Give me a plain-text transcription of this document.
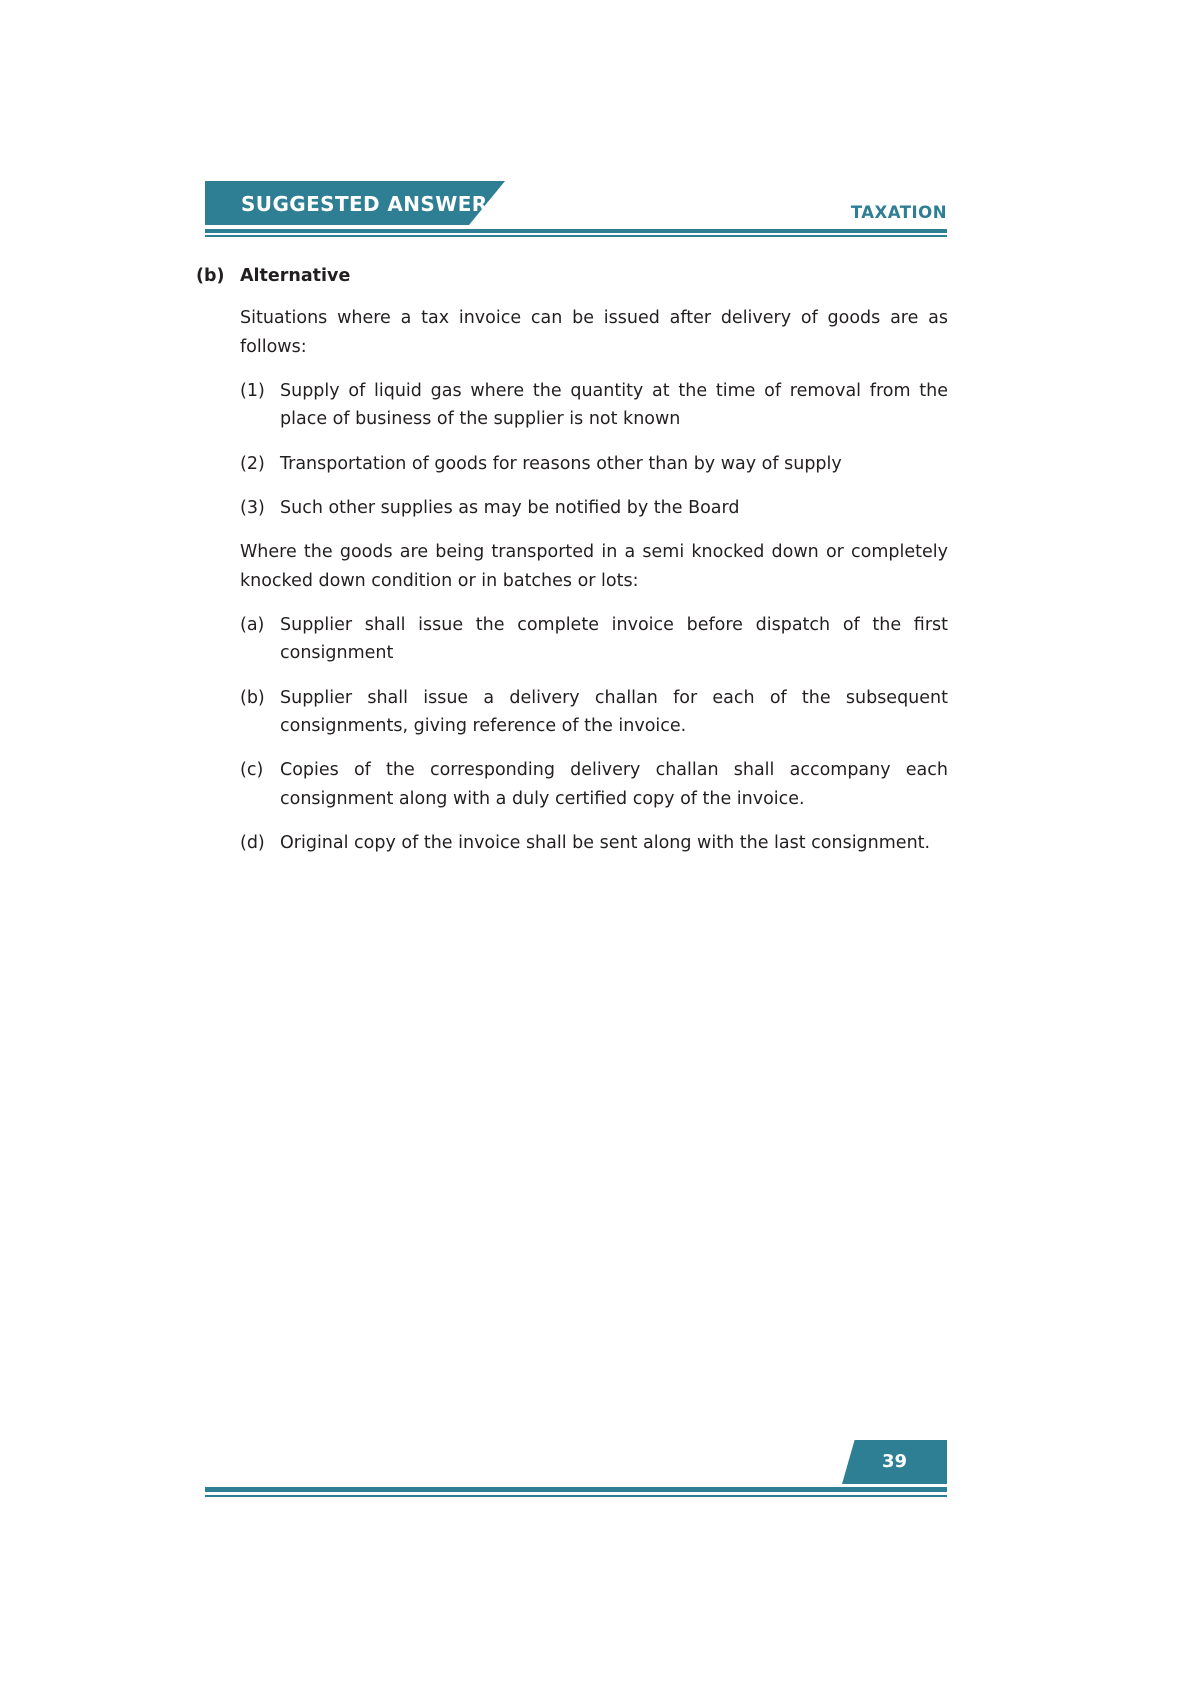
SUGGESTED ANSWER	TAXATION
(b) Alternative
Situations where a tax invoice can be issued after delivery of goods are as follows:
(1) Supply of liquid gas where the quantity at the time of removal from the place of business of the supplier is not known
(2) Transportation of goods for reasons other than by way of supply
(3) Such other supplies as may be notified by the Board
Where the goods are being transported in a semi knocked down or completely knocked down condition or in batches or lots:
(a) Supplier shall issue the complete invoice before dispatch of the first consignment
(b) Supplier shall issue a delivery challan for each of the subsequent consignments, giving reference of the invoice.
(c) Copies of the corresponding delivery challan shall accompany each consignment along with a duly certified copy of the invoice.
(d) Original copy of the invoice shall be sent along with the last consignment.
39
